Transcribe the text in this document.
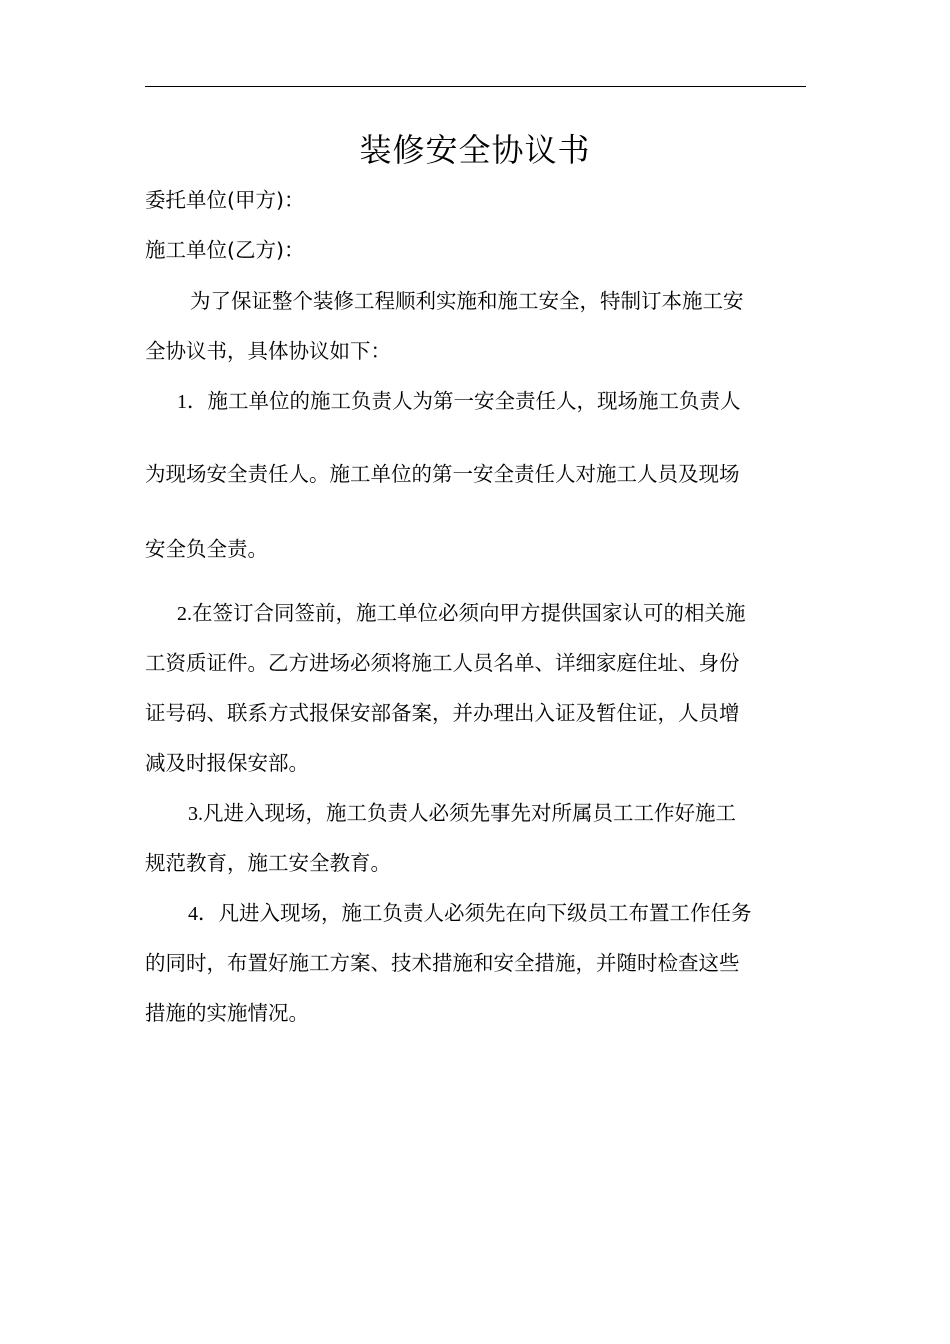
装修安全协议书
委托单位(甲方)：
施工单位(乙方)：
为了保证整个装修工程顺利实施和施工安全，特制订本施工安
全协议书，具体协议如下：
1．施工单位的施工负责人为第一安全责任人，现场施工负责人
为现场安全责任人。施工单位的第一安全责任人对施工人员及现场
安全负全责。
2.在签订合同签前，施工单位必须向甲方提供国家认可的相关施
工资质证件。乙方进场必须将施工人员名单、详细家庭住址、身份
证号码、联系方式报保安部备案，并办理出入证及暂住证，人员增
减及时报保安部。
3.凡进入现场，施工负责人必须先事先对所属员工工作好施工
规范教育，施工安全教育。
4．凡进入现场，施工负责人必须先在向下级员工布置工作任务
的同时，布置好施工方案、技术措施和安全措施，并随时检查这些
措施的实施情况。
